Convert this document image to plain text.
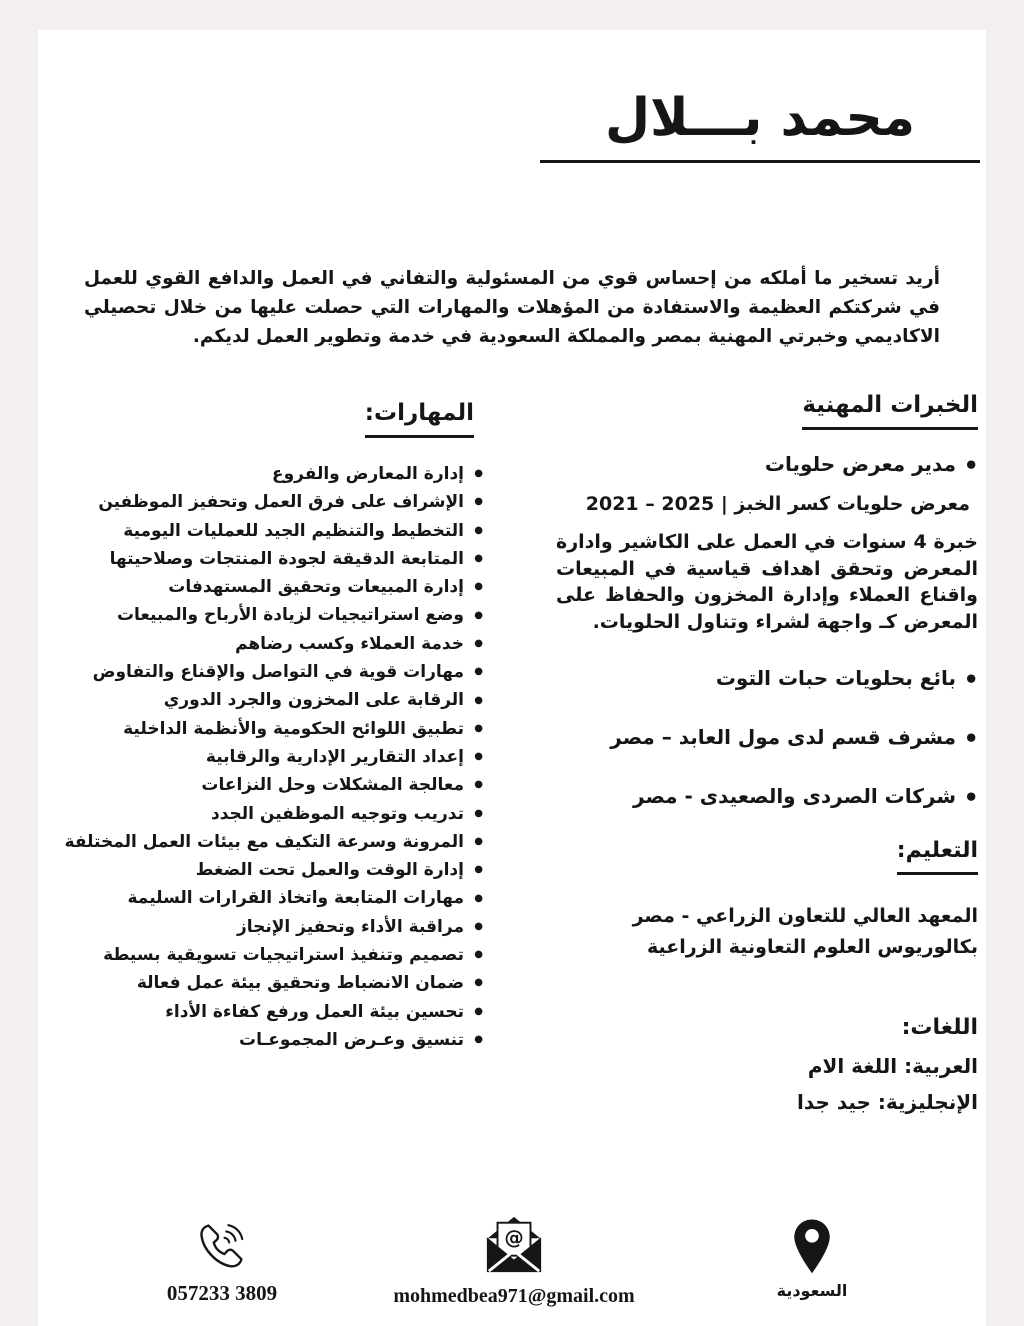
محمد بـــلال

أريد تسخير ما أملكه من إحساس قوي من المسئولية والتفاني في العمل والدافع القوي للعمل في شركتكم العظيمة والاستفادة من المؤهلات والمهارات التي حصلت عليها من خلال تحصيلي الاكاديمي وخبرتي المهنية بمصر والمملكة السعودية في خدمة وتطوير العمل لديكم.

الخبرات المهنية
● مدير معرض حلويات
معرض حلويات كسر الخبز | 2025 – 2021

خبرة 4 سنوات في العمل على الكاشير وادارة المعرض وتحقق اهداف قياسية في المبيعات واقناع العملاء وإدارة المخزون والحفاظ على المعرض كـ واجهة لشراء وتناول الحلويات.

● بائع بحلويات حبات التوت
● مشرف قسم لدى مول العابد – مصر
● شركات الصردى والصعيدى - مصر
التعليم:
المعهد العالي للتعاون الزراعي - مصر
بكالوريوس العلوم التعاونية الزراعية
اللغات:
العربية: اللغة الام
الإنجليزية: جيد جدا
المهارات:
● إدارة المعارض والفروع
● الإشراف على فرق العمل وتحفيز الموظفين
● التخطيط والتنظيم الجيد للعمليات اليومية
● المتابعة الدقيقة لجودة المنتجات وصلاحيتها
● إدارة المبيعات وتحقيق المستهدفات
● وضع استراتيجيات لزيادة الأرباح والمبيعات
● خدمة العملاء وكسب رضاهم
● مهارات قوية في التواصل والإقناع والتفاوض
● الرقابة على المخزون والجرد الدوري
● تطبيق اللوائح الحكومية والأنظمة الداخلية
● إعداد التقارير الإدارية والرقابية
● معالجة المشكلات وحل النزاعات
● تدريب وتوجيه الموظفين الجدد
● المرونة وسرعة التكيف مع بيئات العمل المختلفة
● إدارة الوقت والعمل تحت الضغط
● مهارات المتابعة واتخاذ القرارات السليمة
● مراقبة الأداء وتحفيز الإنجاز
● تصميم وتنفيذ استراتيجيات تسويقية بسيطة
● ضمان الانضباط وتحقيق بيئة عمل فعالة
● تحسين بيئة العمل ورفع كفاءة الأداء
● تنسيق وعـرض المجموعـات
057233 3809
@
mohmedbea971@gmail.com	السعودية
